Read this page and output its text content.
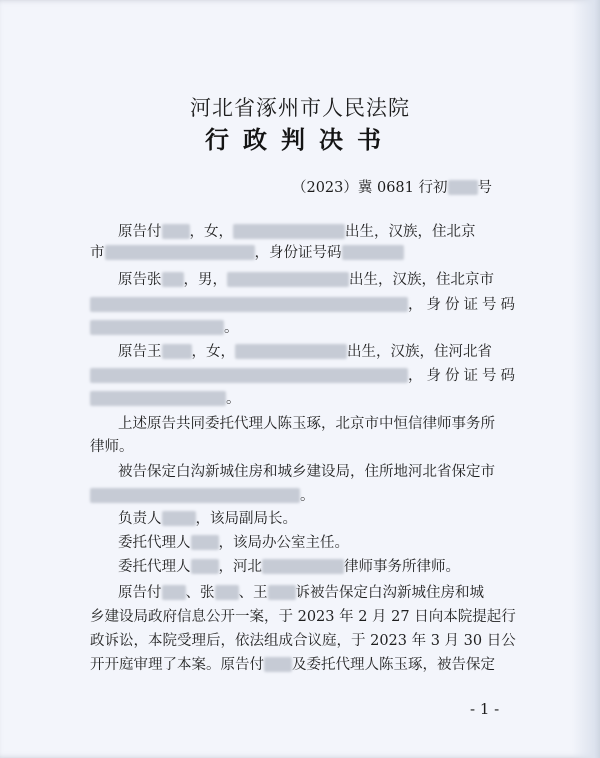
河北省涿州市人民法院
行政判决书
（2023）冀 0681 行初 号
原告付 ，女，	出生，汉族，住北京
市	，身份证号码
原告张 ，男，	出生，汉族，住北京市
，身份证号码
。
原告王 ，女，	出生，汉族，住河北省
，身份证号码
。
上述原告共同委托代理人陈玉琢，北京市中恒信律师事务所
律师。
被告保定白沟新城住房和城乡建设局，住所地河北省保定市
。
负责人 ，该局副局长。
委托代理人 ，该局办公室主任。
委托代理人 ，河北	律师事务所律师。
原告付 、张 、王 诉被告保定白沟新城住房和城
乡建设局政府信息公开一案，于 2023 年 2 月 27 日向本院提起行
政诉讼，本院受理后，依法组成合议庭，于 2023 年 3 月 30 日公
开开庭审理了本案。原告付 及委托代理人陈玉琢，被告保定
- 1 -
